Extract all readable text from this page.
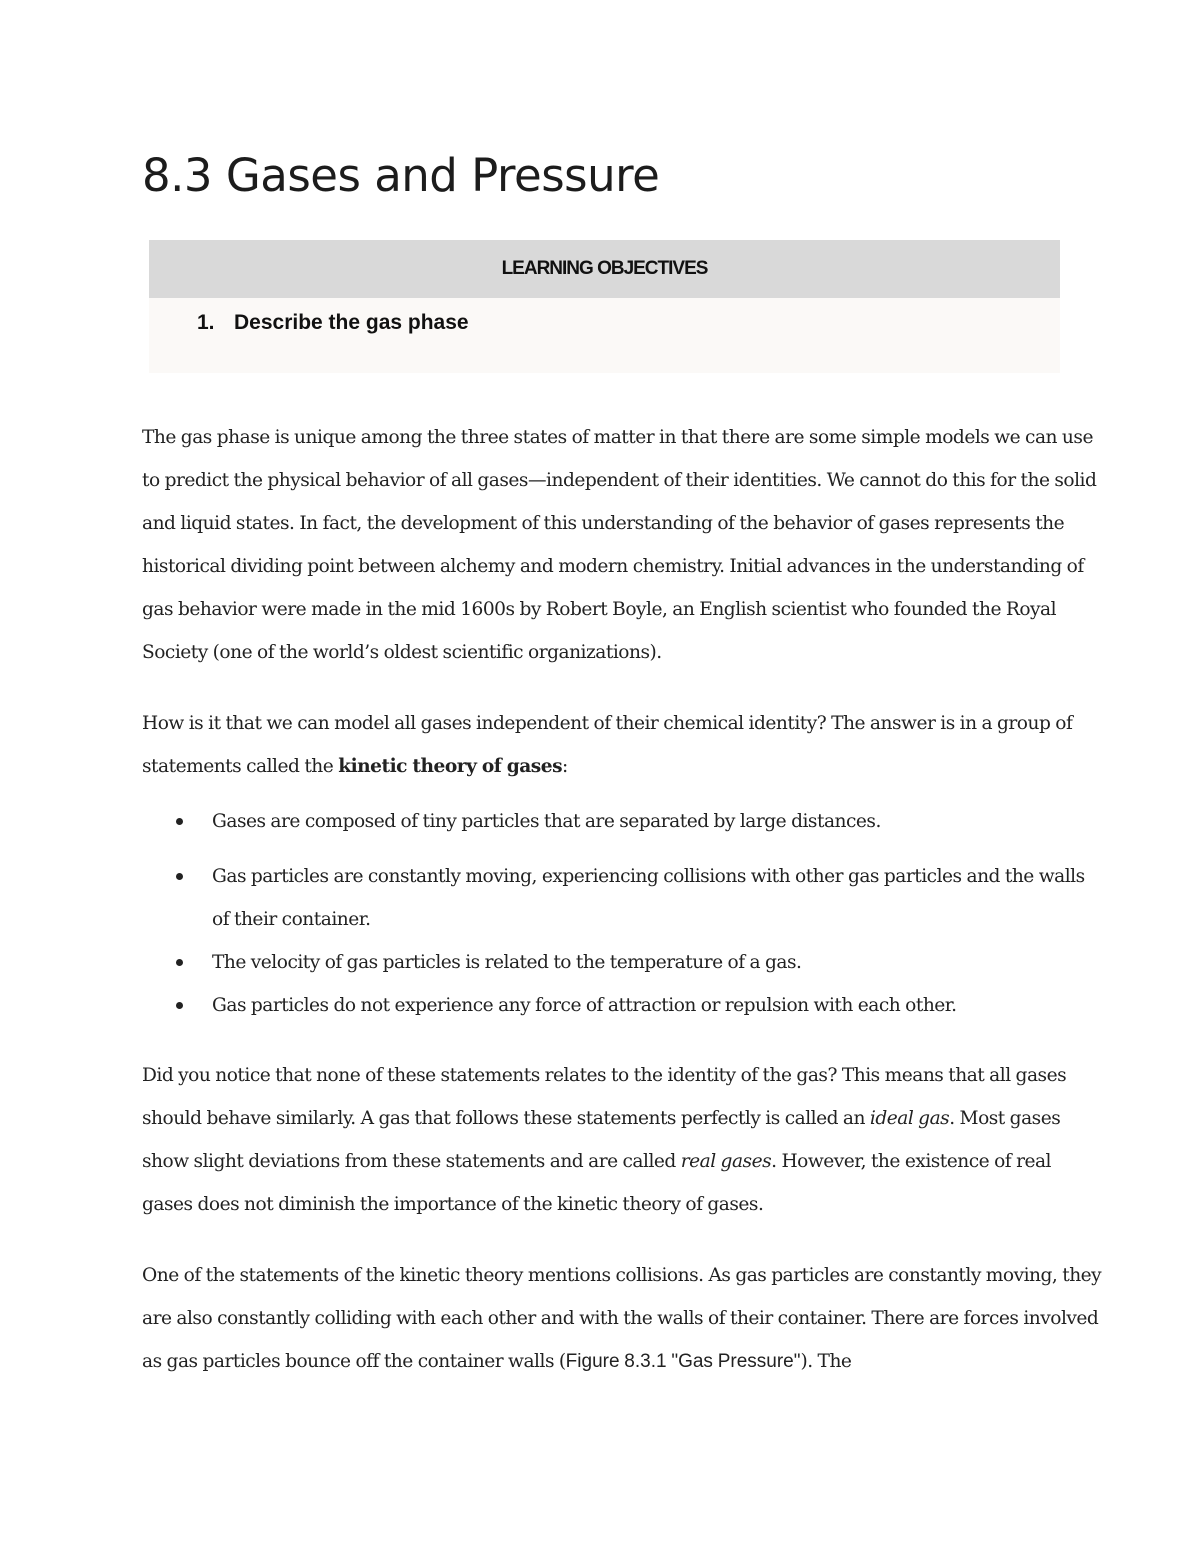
8.3 Gases and Pressure
LEARNING OBJECTIVES
1. Describe the gas phase

The gas phase is unique among the three states of matter in that there are some simple models we can use to predict the physical behavior of all gases—independent of their identities. We cannot do this for the solid and liquid states. In fact, the development of this understanding of the behavior of gases represents the historical dividing point between alchemy and modern chemistry. Initial advances in the understanding of gas behavior were made in the mid 1600s by Robert Boyle, an English scientist who founded the Royal Society (one of the world’s oldest scientific organizations).

How is it that we can model all gases independent of their chemical identity? The answer is in a group of statements called the kinetic theory of gases:

Gases are composed of tiny particles that are separated by large distances.
Gas particles are constantly moving, experiencing collisions with other gas particles and the walls of their container.
The velocity of gas particles is related to the temperature of a gas.
Gas particles do not experience any force of attraction or repulsion with each other.

Did you notice that none of these statements relates to the identity of the gas? This means that all gases should behave similarly. A gas that follows these statements perfectly is called an ideal gas. Most gases show slight deviations from these statements and are called real gases. However, the existence of real gases does not diminish the importance of the kinetic theory of gases.

One of the statements of the kinetic theory mentions collisions. As gas particles are constantly moving, they are also constantly colliding with each other and with the walls of their container. There are forces involved as gas particles bounce off the container walls (Figure 8.3.1 "Gas Pressure"). The
